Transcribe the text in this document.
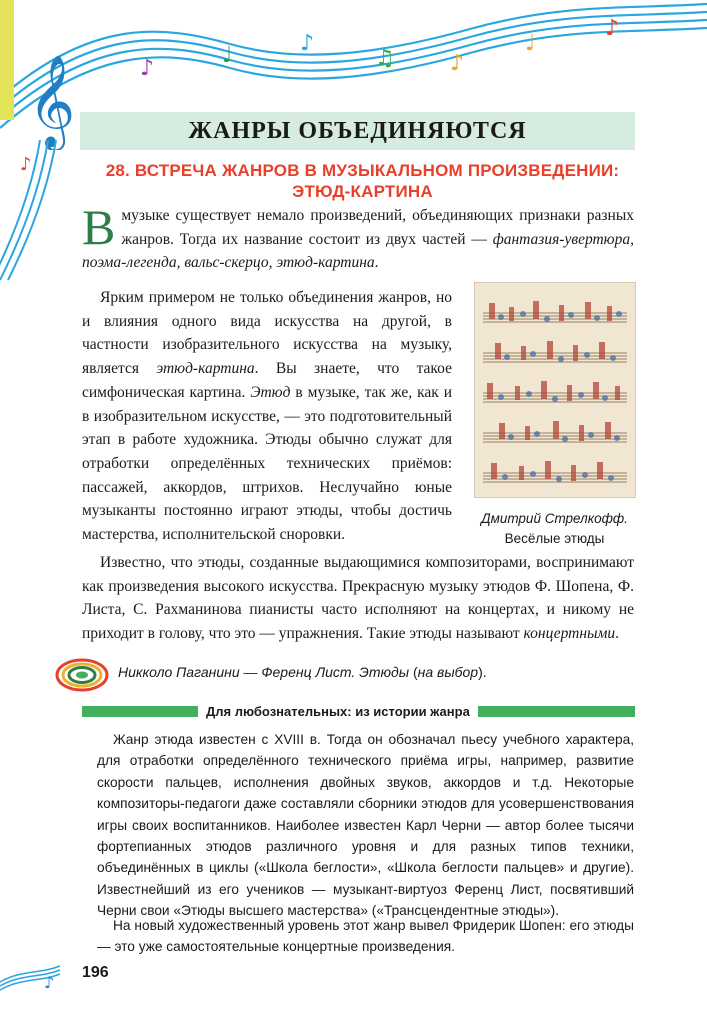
𝄞	♪
♩	♪
♫	♪
♩
♪
♪
ЖАНРЫ ОБЪЕДИНЯЮТСЯ
28. ВСТРЕЧА ЖАНРОВ В МУЗЫКАЛЬНОМ ПРОИЗВЕДЕНИИ: ЭТЮД-КАРТИНА
В музыке существует немало произведений, объединяющих признаки разных жанров. Тогда их название состоит из двух частей — фантазия-увертюра, поэма-легенда, вальс-скерцо, этюд-картина.
Ярким примером не только объединения жанров, но и влияния одного вида искусства на другой, в частности изобразительного искусства на музыку, является этюд-картина. Вы знаете, что такое симфоническая картина. Этюд в музыке, так же, как и в изобразительном искусстве, — это подготовительный этап в работе художника. Этюды обычно служат для отработки определённых технических приёмов: пассажей, аккордов, штрихов. Неслучайно юные музыканты постоянно играют этюды, чтобы достичь мастерства, исполнительской сноровки.
Дмитрий Стрелкофф.
Весёлые этюды
Известно, что этюды, созданные выдающимися композиторами, воспринимают как произведения высокого искусства. Прекрасную музыку этюдов Ф. Шопена, Ф. Листа, С. Рахманинова пианисты часто исполняют на концертах, и никому не приходит в голову, что это — упражнения. Такие этюды называют концертными.
Никколо Паганини — Ференц Лист. Этюды (на выбор).
Для любознательных: из истории жанра
Жанр этюда известен с XVIII в. Тогда он обозначал пьесу учебного характера, для отработки определённого технического приёма игры, например, развитие скорости пальцев, исполнения двойных звуков, аккордов и т.д. Некоторые композиторы-педагоги даже составляли сборники этюдов для усовершенствования игры своих воспитанников. Наиболее известен Карл Черни — автор более тысячи фортепианных этюдов различного уровня и для разных типов техники, объединённых в циклы («Школа беглости», «Школа беглости пальцев» и другие). Известнейший из его учеников — музыкант-виртуоз Ференц Лист, посвятивший Черни свои «Этюды высшего мастерства» («Трансцендентные этюды»).
На новый художественный уровень этот жанр вывел Фридерик Шопен: его этюды — это уже самостоятельные концертные произведения.
♪
196
